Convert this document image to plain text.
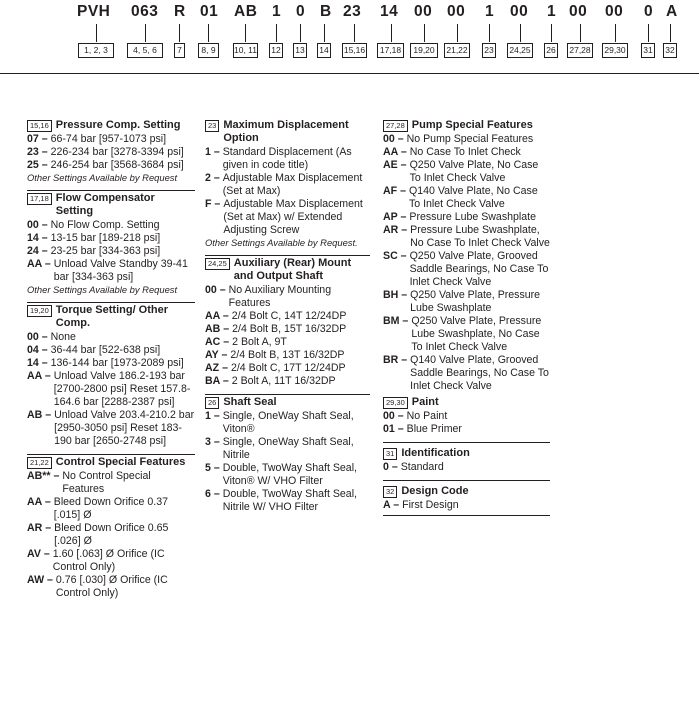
PVH 063 R 01 AB 1 0 B 23 14 00 00 1 00 1 00 00 0 A
1, 2, 3	4, 5, 6	7	8, 9	10, 11 12 13 14 15,16	17,18	19,20	21,22 23 24,25 26 27,28 29,30 31 32
15,16 Pressure Comp. Setting
07 – 66-74 bar [957-1073 psi]
23 – 226-234 bar [3278-3394 psi]
25 – 246-254 bar [3568-3684 psi]
Other Settings Available by Request
17,18 Flow Compensator Setting
00 – No Flow Comp. Setting
14 – 13-15 bar [189-218 psi]
24 – 23-25 bar [334-363 psi]
AA – Unload Valve Standby 39-41 bar [334-363 psi]
Other Settings Available by Request
19,20 Torque Setting/ Other Comp.
00 – None
04 – 36-44 bar [522-638 psi]
14 – 136-144 bar [1973-2089 psi]
AA – Unload Valve 186.2-193 bar [2700-2800 psi] Reset 157.8-164.6 bar [2288-2387 psi]
AB – Unload Valve 203.4-210.2 bar [2950-3050 psi] Reset 183-190 bar [2650-2748 psi]
21,22 Control Special Features
AB** – No Control Special Features
AA – Bleed Down Orifice 0.37 [.015] Ø
AR – Bleed Down Orifice 0.65 [.026] Ø
AV – 1.60 [.063] Ø Orifice (IC Control Only)
AW – 0.76 [.030] Ø Orifice (IC Control Only)
23 Maximum Displacement Option
1 – Standard Displacement (As given in code title)
2 – Adjustable Max Displacement (Set at Max)
F – Adjustable Max Displacement (Set at Max) w/ Extended Adjusting Screw
Other Settings Available by Request.
24,25 Auxiliary (Rear) Mount and Output Shaft
00 – No Auxiliary Mounting Features
AA – 2/4 Bolt C, 14T 12/24DP
AB – 2/4 Bolt B, 15T 16/32DP
AC – 2 Bolt A, 9T
AY – 2/4 Bolt B, 13T 16/32DP
AZ – 2/4 Bolt C, 17T 12/24DP
BA – 2 Bolt A, 11T 16/32DP
26 Shaft Seal
1 – Single, OneWay Shaft Seal, Viton®
3 – Single, OneWay Shaft Seal, Nitrile
5 – Double, TwoWay Shaft Seal, Viton® W/ VHO Filter
6 – Double, TwoWay Shaft Seal, Nitrile W/ VHO Filter
27,28 Pump Special Features
00 – No Pump Special Features
AA – No Case To Inlet Check
AE – Q250 Valve Plate, No Case To Inlet Check Valve
AF – Q140 Valve Plate, No Case To Inlet Check Valve
AP – Pressure Lube Swashplate
AR – Pressure Lube Swashplate, No Case To Inlet Check Valve
SC – Q250 Valve Plate, Grooved Saddle Bearings, No Case To Inlet Check Valve
BH – Q250 Valve Plate, Pressure Lube Swashplate
BM – Q250 Valve Plate, Pressure Lube Swashplate, No Case To Inlet Check Valve
BR – Q140 Valve Plate, Grooved Saddle Bearings, No Case To Inlet Check Valve
29,30 Paint
00 – No Paint
01 – Blue Primer
31 Identification
0 – Standard
32 Design Code
A – First Design
